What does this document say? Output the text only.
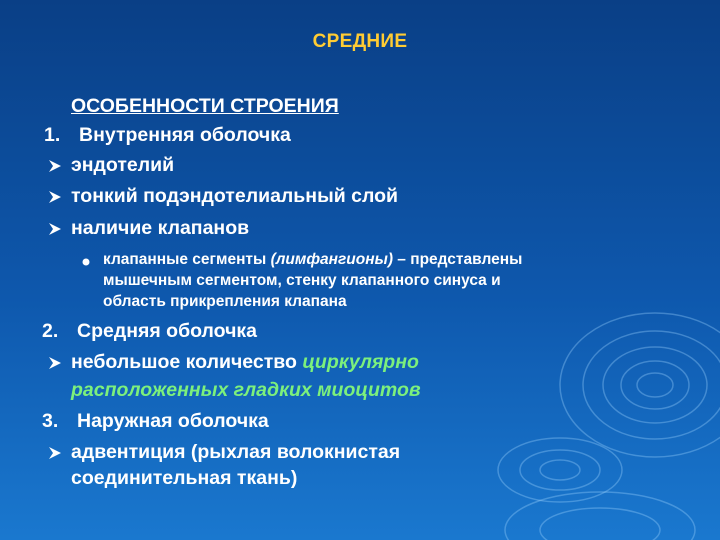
СРЕДНИЕ
ОСОБЕННОСТИ СТРОЕНИЯ
1. Внутренняя оболочка
эндотелий
тонкий подэндотелиальный слой
наличие клапанов
клапанные сегменты (лимфангионы) – представлены
мышечным сегментом, стенку клапанного синуса и
область прикрепления клапана
2. Средняя оболочка
небольшое количество циркулярно
расположенных гладких миоцитов
3. Наружная оболочка
адвентиция (рыхлая волокнистая
соединительная ткань)
